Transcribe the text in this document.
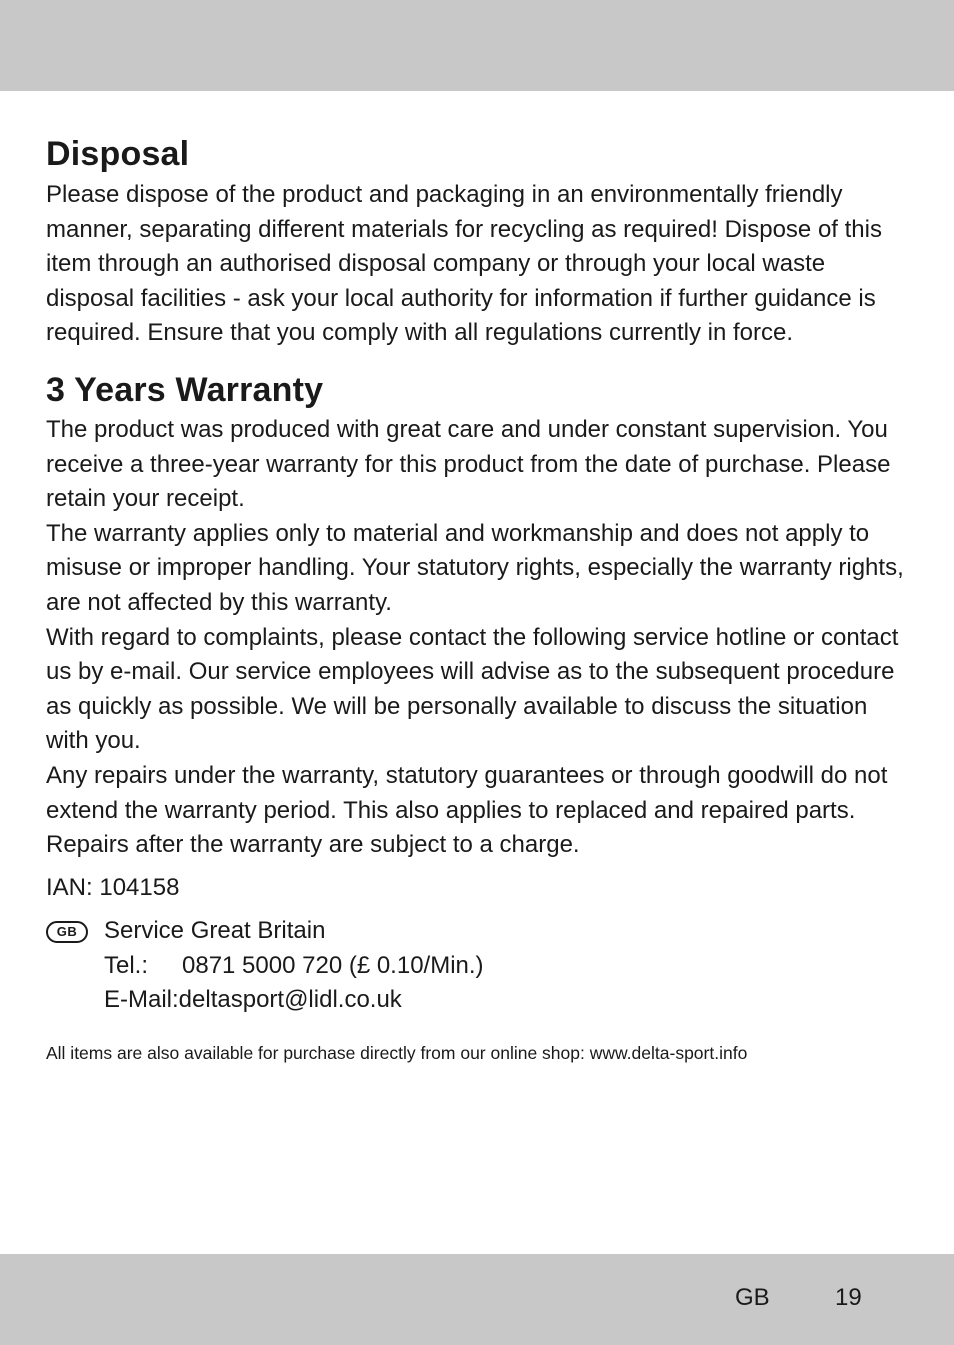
Disposal

Please dispose of the product and packaging in an environmentally friendly manner, separating different materials for recycling as required! Dispose of this item through an authorised disposal company or through your local waste disposal facilities - ask your local authority for information if further guidance is required. Ensure that you comply with all regulations currently in force.

3 Years Warranty

The product was produced with great care and under constant supervision. You receive a three-year warranty for this product from the date of purchase. Please retain your receipt.

The warranty applies only to material and workmanship and does not apply to misuse or improper handling. Your statutory rights, especially the warranty rights, are not affected by this warranty.

With regard to complaints, please contact the following service hotline or contact us by e-mail. Our service employees will advise as to the subsequent procedure as quickly as possible. We will be personally available to discuss the situation with you.

Any repairs under the warranty, statutory guarantees or through goodwill do not extend the warranty period. This also applies to replaced and repaired parts. Repairs after the warranty are subject to a charge.

IAN: 104158

GB	Service Great Britain

Tel.: 0871 5000 720 (£ 0.10/Min.)

E-Mail:deltasport@lidl.co.uk

All items are also available for purchase directly from our online shop: www.delta-sport.info

GB	19
